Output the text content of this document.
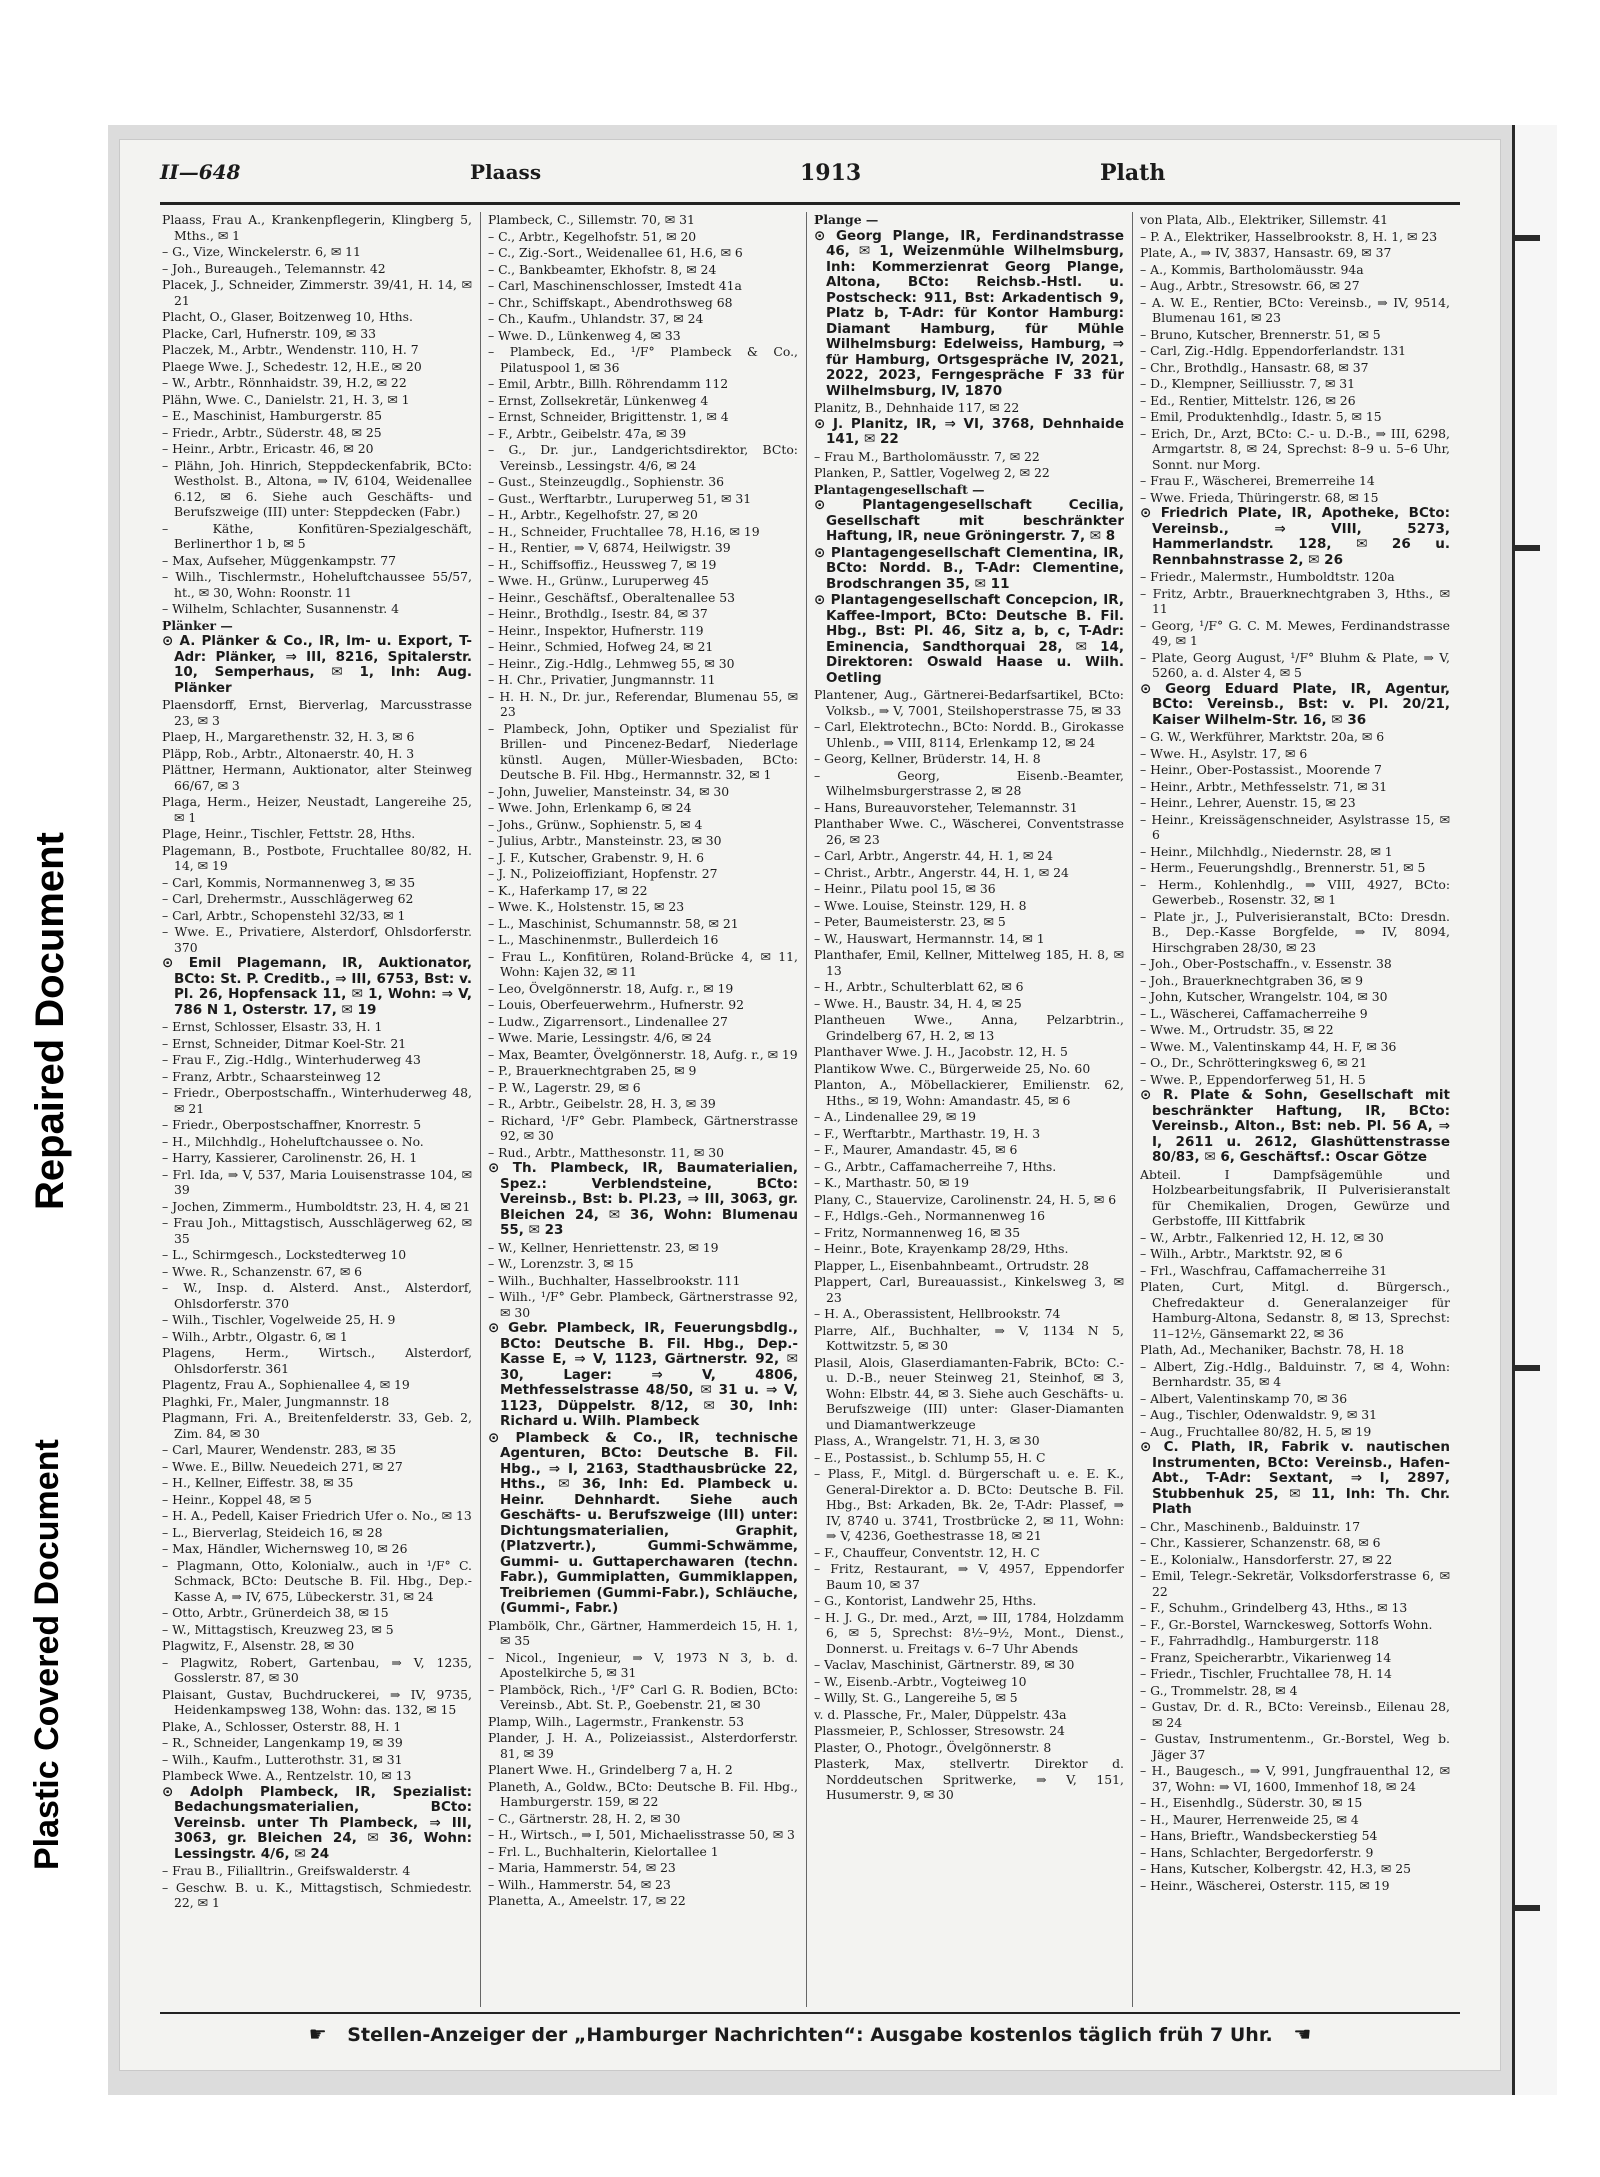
Repaired Document
Plastic Covered Document
II—648	Plaass	1913	Plath
Plaass, Frau A., Krankenpflegerin, Klingberg 5, Mths., ✉ 1
– G., Vize, Winckelerstr. 6, ✉ 11
– Joh., Bureaugeh., Telemannstr. 42
Placek, J., Schneider, Zimmerstr. 39/41, H. 14, ✉ 21
Placht, O., Glaser, Boitzenweg 10, Hths.
Placke, Carl, Hufnerstr. 109, ✉ 33
Placzek, M., Arbtr., Wendenstr. 110, H. 7
Plaege Wwe. J., Schedestr. 12, H.E., ✉ 20
– W., Arbtr., Rönnhaidstr. 39, H.2, ✉ 22
Plähn, Wwe. C., Danielstr. 21, H. 3, ✉ 1
– E., Maschinist, Hamburgerstr. 85
– Friedr., Arbtr., Süderstr. 48, ✉ 25
– Heinr., Arbtr., Ericastr. 46, ✉ 20
– Plähn, Joh. Hinrich, Steppdeckenfabrik, BCto: Westholst. B., Altona, ⇒ IV, 6104, Weidenallee 6.12, ✉ 6. Siehe auch Geschäfts- und Berufszweige (III) unter: Steppdecken (Fabr.)
– Käthe, Konfitüren-Spezialgeschäft, Berlinerthor 1 b, ✉ 5
– Max, Aufseher, Müggenkampstr. 77
– Wilh., Tischlermstr., Hoheluftchaussee 55/57, ht., ✉ 30, Wohn: Roonstr. 11
– Wilhelm, Schlachter, Susannenstr. 4
Plänker —
⊙ A. Plänker & Co., IR, Im- u. Export, T-Adr: Plänker, ⇒ III, 8216, Spitalerstr. 10, Semperhaus, ✉ 1, Inh: Aug. Plänker
Plaensdorff, Ernst, Bierverlag, Marcusstrasse 23, ✉ 3
Plaep, H., Margarethenstr. 32, H. 3, ✉ 6
Pläpp, Rob., Arbtr., Altonaerstr. 40, H. 3
Plättner, Hermann, Auktionator, alter Steinweg 66/67, ✉ 3
Plaga, Herm., Heizer, Neustadt, Langereihe 25, ✉ 1
Plage, Heinr., Tischler, Fettstr. 28, Hths.
Plagemann, B., Postbote, Fruchtallee 80/82, H. 14, ✉ 19
– Carl, Kommis, Normannenweg 3, ✉ 35
– Carl, Drehermstr., Ausschlägerweg 62
– Carl, Arbtr., Schopenstehl 32/33, ✉ 1
– Wwe. E., Privatiere, Alsterdorf, Ohlsdorferstr. 370
⊙ Emil Plagemann, IR, Auktionator, BCto: St. P. Creditb., ⇒ III, 6753, Bst: v. Pl. 26, Hopfensack 11, ✉ 1, Wohn: ⇒ V, 786 N 1, Osterstr. 17, ✉ 19
– Ernst, Schlosser, Elsastr. 33, H. 1
– Ernst, Schneider, Ditmar Koel-Str. 21
– Frau F., Zig.-Hdlg., Winterhuderweg 43
– Franz, Arbtr., Schaarsteinweg 12
– Friedr., Oberpostschaffn., Winterhuderweg 48, ✉ 21
– Friedr., Oberpostschaffner, Knorrestr. 5
– H., Milchhdlg., Hoheluftchaussee o. No.
– Harry, Kassierer, Carolinenstr. 26, H. 1
– Frl. Ida, ⇒ V, 537, Maria Louisenstrasse 104, ✉ 39
– Jochen, Zimmerm., Humboldtstr. 23, H. 4, ✉ 21
– Frau Joh., Mittagstisch, Ausschlägerweg 62, ✉ 35
– L., Schirmgesch., Lockstedterweg 10
– Wwe. R., Schanzenstr. 67, ✉ 6
– W., Insp. d. Alsterd. Anst., Alsterdorf, Ohlsdorferstr. 370
– Wilh., Tischler, Vogelweide 25, H. 9
– Wilh., Arbtr., Olgastr. 6, ✉ 1
Plagens, Herm., Wirtsch., Alsterdorf, Ohlsdorferstr. 361
Plagentz, Frau A., Sophienallee 4, ✉ 19
Plaghki, Fr., Maler, Jungmannstr. 18
Plagmann, Fri. A., Breitenfelderstr. 33, Geb. 2, Zim. 84, ✉ 30
– Carl, Maurer, Wendenstr. 283, ✉ 35
– Wwe. E., Billw. Neuedeich 271, ✉ 27
– H., Kellner, Eiffestr. 38, ✉ 35
– Heinr., Koppel 48, ✉ 5
– H. A., Pedell, Kaiser Friedrich Ufer o. No., ✉ 13
– L., Bierverlag, Steideich 16, ✉ 28
– Max, Händler, Wichernsweg 10, ✉ 26
– Plagmann, Otto, Kolonialw., auch in ¹/F° C. Schmack, BCto: Deutsche B. Fil. Hbg., Dep.-Kasse A, ⇒ IV, 675, Lübeckerstr. 31, ✉ 24
– Otto, Arbtr., Grünerdeich 38, ✉ 15
– W., Mittagstisch, Kreuzweg 23, ✉ 5
Plagwitz, F., Alsenstr. 28, ✉ 30
– Plagwitz, Robert, Gartenbau, ⇒ V, 1235, Gosslerstr. 87, ✉ 30
Plaisant, Gustav, Buchdruckerei, ⇒ IV, 9735, Heidenkampsweg 138, Wohn: das. 132, ✉ 15
Plake, A., Schlosser, Osterstr. 88, H. 1
– R., Schneider, Langenkamp 19, ✉ 39
– Wilh., Kaufm., Lutterothstr. 31, ✉ 31
Plambeck Wwe. A., Rentzelstr. 10, ✉ 13
⊙ Adolph Plambeck, IR, Spezialist: Bedachungsmaterialien, BCto: Vereinsb. unter Th Plambeck, ⇒ III, 3063, gr. Bleichen 24, ✉ 36, Wohn: Lessingstr. 4/6, ✉ 24
– Frau B., Filialltrin., Greifswalderstr. 4
– Geschw. B. u. K., Mittagstisch, Schmiedestr. 22, ✉ 1
Plambeck, C., Sillemstr. 70, ✉ 31
– C., Arbtr., Kegelhofstr. 51, ✉ 20
– C., Zig.-Sort., Weidenallee 61, H.6, ✉ 6
– C., Bankbeamter, Ekhofstr. 8, ✉ 24
– Carl, Maschinenschlosser, Imstedt 41a
– Chr., Schiffskapt., Abendrothsweg 68
– Ch., Kaufm., Uhlandstr. 37, ✉ 24
– Wwe. D., Lünkenweg 4, ✉ 33
– Plambeck, Ed., ¹/F° Plambeck & Co., Pilatuspool 1, ✉ 36
– Emil, Arbtr., Billh. Röhrendamm 112
– Ernst, Zollsekretär, Lünkenweg 4
– Ernst, Schneider, Brigittenstr. 1, ✉ 4
– F., Arbtr., Geibelstr. 47a, ✉ 39
– G., Dr. jur., Landgerichtsdirektor, BCto: Vereinsb., Lessingstr. 4/6, ✉ 24
– Gust., Steinzeugdlg., Sophienstr. 36
– Gust., Werftarbtr., Luruperweg 51, ✉ 31
– H., Arbtr., Kegelhofstr. 27, ✉ 20
– H., Schneider, Fruchtallee 78, H.16, ✉ 19
– H., Rentier, ⇒ V, 6874, Heilwigstr. 39
– H., Schiffsoffiz., Heussweg 7, ✉ 19
– Wwe. H., Grünw., Luruperweg 45
– Heinr., Geschäftsf., Oberaltenallee 53
– Heinr., Brothdlg., Isestr. 84, ✉ 37
– Heinr., Inspektor, Hufnerstr. 119
– Heinr., Schmied, Hofweg 24, ✉ 21
– Heinr., Zig.-Hdlg., Lehmweg 55, ✉ 30
– H. Chr., Privatier, Jungmannstr. 11
– H. H. N., Dr. jur., Referendar, Blumenau 55, ✉ 23
– Plambeck, John, Optiker und Spezialist für Brillen- und Pincenez-Bedarf, Niederlage künstl. Augen, Müller-Wiesbaden, BCto: Deutsche B. Fil. Hbg., Hermannstr. 32, ✉ 1
– John, Juwelier, Mansteinstr. 34, ✉ 30
– Wwe. John, Erlenkamp 6, ✉ 24
– Johs., Grünw., Sophienstr. 5, ✉ 4
– Julius, Arbtr., Mansteinstr. 23, ✉ 30
– J. F., Kutscher, Grabenstr. 9, H. 6
– J. N., Polizeioffiziant, Hopfenstr. 27
– K., Haferkamp 17, ✉ 22
– Wwe. K., Holstenstr. 15, ✉ 23
– L., Maschinist, Schumannstr. 58, ✉ 21
– L., Maschinenmstr., Bullerdeich 16
– Frau L., Konfitüren, Roland-Brücke 4, ✉ 11, Wohn: Kajen 32, ✉ 11
– Leo, Övelgönnerstr. 18, Aufg. r., ✉ 19
– Louis, Oberfeuerwehrm., Hufnerstr. 92
– Ludw., Zigarrensort., Lindenallee 27
– Wwe. Marie, Lessingstr. 4/6, ✉ 24
– Max, Beamter, Övelgönnerstr. 18, Aufg. r., ✉ 19
– P., Brauerknechtgraben 25, ✉ 9
– P. W., Lagerstr. 29, ✉ 6
– R., Arbtr., Geibelstr. 28, H. 3, ✉ 39
– Richard, ¹/F° Gebr. Plambeck, Gärtnerstrasse 92, ✉ 30
– Rud., Arbtr., Matthesonstr. 11, ✉ 30
⊙ Th. Plambeck, IR, Baumaterialien, Spez.: Verblendsteine, BCto: Vereinsb., Bst: b. Pl.23, ⇒ III, 3063, gr. Bleichen 24, ✉ 36, Wohn: Blumenau 55, ✉ 23
– W., Kellner, Henriettenstr. 23, ✉ 19
– W., Lorenzstr. 3, ✉ 15
– Wilh., Buchhalter, Hasselbrookstr. 111
– Wilh., ¹/F° Gebr. Plambeck, Gärtnerstrasse 92, ✉ 30
⊙ Gebr. Plambeck, IR, Feuerungsbdlg., BCto: Deutsche B. Fil. Hbg., Dep.-Kasse E, ⇒ V, 1123, Gärtnerstr. 92, ✉ 30, Lager: ⇒ V, 4806, Methfesselstrasse 48/50, ✉ 31 u. ⇒ V, 1123, Düppelstr. 8/12, ✉ 30, Inh: Richard u. Wilh. Plambeck
⊙ Plambeck & Co., IR, technische Agenturen, BCto: Deutsche B. Fil. Hbg., ⇒ I, 2163, Stadthausbrücke 22, Hths., ✉ 36, Inh: Ed. Plambeck u. Heinr. Dehnhardt. Siehe auch Geschäfts- u. Berufszweige (III) unter: Dichtungsmaterialien, Graphit, (Platzvertr.), Gummi-Schwämme, Gummi- u. Guttaperchawaren (techn. Fabr.), Gummiplatten, Gummiklappen, Treibriemen (Gummi-Fabr.), Schläuche, (Gummi-, Fabr.)
Plambölk, Chr., Gärtner, Hammerdeich 15, H. 1, ✉ 35
– Nicol., Ingenieur, ⇒ V, 1973 N 3, b. d. Apostelkirche 5, ✉ 31
– Plamböck, Rich., ¹/F° Carl G. R. Bodien, BCto: Vereinsb., Abt. St. P., Goebenstr. 21, ✉ 30
Plamp, Wilh., Lagermstr., Frankenstr. 53
Plander, J. H. A., Polizeiassist., Alsterdorferstr. 81, ✉ 39
Planert Wwe. H., Grindelberg 7 a, H. 2
Planeth, A., Goldw., BCto: Deutsche B. Fil. Hbg., Hamburgerstr. 159, ✉ 22
– C., Gärtnerstr. 28, H. 2, ✉ 30
– H., Wirtsch., ⇒ I, 501, Michaelisstrasse 50, ✉ 3
– Frl. L., Buchhalterin, Kielortallee 1
– Maria, Hammerstr. 54, ✉ 23
– Wilh., Hammerstr. 54, ✉ 23
Planetta, A., Ameelstr. 17, ✉ 22
Plange —
⊙ Georg Plange, IR, Ferdinandstrasse 46, ✉ 1, Weizenmühle Wilhelmsburg, Inh: Kommerzienrat Georg Plange, Altona, BCto: Reichsb.-Hstl. u. Postscheck: 911, Bst: Arkadentisch 9, Platz b, T-Adr: für Kontor Hamburg: Diamant Hamburg, für Mühle Wilhelmsburg: Edelweiss, Hamburg, ⇒ für Hamburg, Ortsgespräche IV, 2021, 2022, 2023, Ferngespräche F 33 für Wilhelmsburg, IV, 1870
Planitz, B., Dehnhaide 117, ✉ 22
⊙ J. Planitz, IR, ⇒ VI, 3768, Dehnhaide 141, ✉ 22
– Frau M., Bartholomäusstr. 7, ✉ 22
Planken, P., Sattler, Vogelweg 2, ✉ 22
Plantagengesellschaft —
⊙ Plantagengesellschaft Cecilia, Gesellschaft mit beschränkter Haftung, IR, neue Gröningerstr. 7, ✉ 8
⊙ Plantagengesellschaft Clementina, IR, BCto: Nordd. B., T-Adr: Clementine, Brodschrangen 35, ✉ 11
⊙ Plantagengesellschaft Concepcion, IR, Kaffee-Import, BCto: Deutsche B. Fil. Hbg., Bst: Pl. 46, Sitz a, b, c, T-Adr: Eminencia, Sandthorquai 28, ✉ 14, Direktoren: Oswald Haase u. Wilh. Oetling
Plantener, Aug., Gärtnerei-Bedarfsartikel, BCto: Volksb., ⇒ V, 7001, Steilshoperstrasse 75, ✉ 33
– Carl, Elektrotechn., BCto: Nordd. B., Girokasse Uhlenb., ⇒ VIII, 8114, Erlenkamp 12, ✉ 24
– Georg, Kellner, Brüderstr. 14, H. 8
– Georg, Eisenb.-Beamter, Wilhelmsburgerstrasse 2, ✉ 28
– Hans, Bureauvorsteher, Telemannstr. 31
Planthaber Wwe. C., Wäscherei, Conventstrasse 26, ✉ 23
– Carl, Arbtr., Angerstr. 44, H. 1, ✉ 24
– Christ., Arbtr., Angerstr. 44, H. 1, ✉ 24
– Heinr., Pilatu pool 15, ✉ 36
– Wwe. Louise, Steinstr. 129, H. 8
– Peter, Baumeisterstr. 23, ✉ 5
– W., Hauswart, Hermannstr. 14, ✉ 1
Planthafer, Emil, Kellner, Mittelweg 185, H. 8, ✉ 13
– H., Arbtr., Schulterblatt 62, ✉ 6
– Wwe. H., Baustr. 34, H. 4, ✉ 25
Plantheuen Wwe., Anna, Pelzarbtrin., Grindelberg 67, H. 2, ✉ 13
Planthaver Wwe. J. H., Jacobstr. 12, H. 5
Plantikow Wwe. C., Bürgerweide 25, No. 60
Planton, A., Möbellackierer, Emilienstr. 62, Hths., ✉ 19, Wohn: Amandastr. 45, ✉ 6
– A., Lindenallee 29, ✉ 19
– F., Werftarbtr., Marthastr. 19, H. 3
– F., Maurer, Amandastr. 45, ✉ 6
– G., Arbtr., Caffamacherreihe 7, Hths.
– K., Marthastr. 50, ✉ 19
Plany, C., Stauervize, Carolinenstr. 24, H. 5, ✉ 6
– F., Hdlgs.-Geh., Normannenweg 16
– Fritz, Normannenweg 16, ✉ 35
– Heinr., Bote, Krayenkamp 28/29, Hths.
Plapper, L., Eisenbahnbeamt., Ortrudstr. 28
Plappert, Carl, Bureauassist., Kinkelsweg 3, ✉ 23
– H. A., Oberassistent, Hellbrookstr. 74
Plarre, Alf., Buchhalter, ⇒ V, 1134 N 5, Kottwitzstr. 5, ✉ 30
Plasil, Alois, Glaserdiamanten-Fabrik, BCto: C.- u. D.-B., neuer Steinweg 21, Steinhof, ✉ 3, Wohn: Elbstr. 44, ✉ 3. Siehe auch Geschäfts- u. Berufszweige (III) unter: Glaser-Diamanten und Diamantwerkzeuge
Plass, A., Wrangelstr. 71, H. 3, ✉ 30
– E., Postassist., b. Schlump 55, H. C
– Plass, F., Mitgl. d. Bürgerschaft u. e. E. K., General-Direktor a. D. BCto: Deutsche B. Fil. Hbg., Bst: Arkaden, Bk. 2e, T-Adr: Plassef, ⇒ IV, 8740 u. 3741, Trostbrücke 2, ✉ 11, Wohn: ⇒ V, 4236, Goethestrasse 18, ✉ 21
– F., Chauffeur, Conventstr. 12, H. C
– Fritz, Restaurant, ⇒ V, 4957, Eppendorfer Baum 10, ✉ 37
– G., Kontorist, Landwehr 25, Hths.
– H. J. G., Dr. med., Arzt, ⇒ III, 1784, Holzdamm 6, ✉ 5, Sprechst: 8½–9½, Mont., Dienst., Donnerst. u. Freitags v. 6–7 Uhr Abends
– Vaclav, Maschinist, Gärtnerstr. 89, ✉ 30
– W., Eisenb.-Arbtr., Vogteiweg 10
– Willy, St. G., Langereihe 5, ✉ 5
v. d. Plassche, Fr., Maler, Düppelstr. 43a
Plassmeier, P., Schlosser, Stresowstr. 24
Plaster, O., Photogr., Övelgönnerstr. 8
Plasterk, Max, stellvertr. Direktor d. Norddeutschen Spritwerke, ⇒ V, 151, Husumerstr. 9, ✉ 30
von Plata, Alb., Elektriker, Sillemstr. 41
– P. A., Elektriker, Hasselbrookstr. 8, H. 1, ✉ 23
Plate, A., ⇒ IV, 3837, Hansastr. 69, ✉ 37
– A., Kommis, Bartholomäusstr. 94a
– Aug., Arbtr., Stresowstr. 66, ✉ 27
– A. W. E., Rentier, BCto: Vereinsb., ⇒ IV, 9514, Blumenau 161, ✉ 23
– Bruno, Kutscher, Brennerstr. 51, ✉ 5
– Carl, Zig.-Hdlg. Eppendorferlandstr. 131
– Chr., Brothdlg., Hansastr. 68, ✉ 37
– D., Klempner, Seilliusstr. 7, ✉ 31
– Ed., Rentier, Mittelstr. 126, ✉ 26
– Emil, Produktenhdlg., Idastr. 5, ✉ 15
– Erich, Dr., Arzt, BCto: C.- u. D.-B., ⇒ III, 6298, Armgartstr. 8, ✉ 24, Sprechst: 8–9 u. 5–6 Uhr, Sonnt. nur Morg.
– Frau F., Wäscherei, Bremerreihe 14
– Wwe. Frieda, Thüringerstr. 68, ✉ 15
⊙ Friedrich Plate, IR, Apotheke, BCto: Vereinsb., ⇒ VIII, 5273, Hammerlandstr. 128, ✉ 26 u. Rennbahnstrasse 2, ✉ 26
– Friedr., Malermstr., Humboldtstr. 120a
– Fritz, Arbtr., Brauerknechtgraben 3, Hths., ✉ 11
– Georg, ¹/F° G. C. M. Mewes, Ferdinandstrasse 49, ✉ 1
– Plate, Georg August, ¹/F° Bluhm & Plate, ⇒ V, 5260, a. d. Alster 4, ✉ 5
⊙ Georg Eduard Plate, IR, Agentur, BCto: Vereinsb., Bst: v. Pl. 20/21, Kaiser Wilhelm-Str. 16, ✉ 36
– G. W., Werkführer, Marktstr. 20a, ✉ 6
– Wwe. H., Asylstr. 17, ✉ 6
– Heinr., Ober-Postassist., Moorende 7
– Heinr., Arbtr., Methfesselstr. 71, ✉ 31
– Heinr., Lehrer, Auenstr. 15, ✉ 23
– Heinr., Kreissägenschneider, Asylstrasse 15, ✉ 6
– Heinr., Milchhdlg., Niedernstr. 28, ✉ 1
– Herm., Feuerungshdlg., Brennerstr. 51, ✉ 5
– Herm., Kohlenhdlg., ⇒ VIII, 4927, BCto: Gewerbeb., Rosenstr. 32, ✉ 1
– Plate jr., J., Pulverisieranstalt, BCto: Dresdn. B., Dep.-Kasse Borgfelde, ⇒ IV, 8094, Hirschgraben 28/30, ✉ 23
– Joh., Ober-Postschaffn., v. Essenstr. 38
– Joh., Brauerknechtgraben 36, ✉ 9
– John, Kutscher, Wrangelstr. 104, ✉ 30
– L., Wäscherei, Caffamacherreihe 9
– Wwe. M., Ortrudstr. 35, ✉ 22
– Wwe. M., Valentinskamp 44, H. F, ✉ 36
– O., Dr., Schrötteringksweg 6, ✉ 21
– Wwe. P., Eppendorferweg 51, H. 5
⊙ R. Plate & Sohn, Gesellschaft mit beschränkter Haftung, IR, BCto: Vereinsb., Alton., Bst: neb. Pl. 56 A, ⇒ I, 2611 u. 2612, Glashüttenstrasse 80/83, ✉ 6, Geschäftsf.: Oscar Götze
Abteil. I Dampfsägemühle und Holzbearbeitungsfabrik, II Pulverisieranstalt für Chemikalien, Drogen, Gewürze und Gerbstoffe, III Kittfabrik
– W., Arbtr., Falkenried 12, H. 12, ✉ 30
– Wilh., Arbtr., Marktstr. 92, ✉ 6
– Frl., Waschfrau, Caffamacherreihe 31
Platen, Curt, Mitgl. d. Bürgersch., Chefredakteur d. Generalanzeiger für Hamburg-Altona, Sedanstr. 8, ✉ 13, Sprechst: 11–12½, Gänsemarkt 22, ✉ 36
Plath, Ad., Mechaniker, Bachstr. 78, H. 18
– Albert, Zig.-Hdlg., Balduinstr. 7, ✉ 4, Wohn: Bernhardstr. 35, ✉ 4
– Albert, Valentinskamp 70, ✉ 36
– Aug., Tischler, Odenwaldstr. 9, ✉ 31
– Aug., Fruchtallee 80/82, H. 5, ✉ 19
⊙ C. Plath, IR, Fabrik v. nautischen Instrumenten, BCto: Vereinsb., Hafen-Abt., T-Adr: Sextant, ⇒ I, 2897, Stubbenhuk 25, ✉ 11, Inh: Th. Chr. Plath
– Chr., Maschinenb., Balduinstr. 17
– Chr., Kassierer, Schanzenstr. 68, ✉ 6
– E., Kolonialw., Hansdorferstr. 27, ✉ 22
– Emil, Telegr.-Sekretär, Volksdorferstrasse 6, ✉ 22
– F., Schuhm., Grindelberg 43, Hths., ✉ 13
– F., Gr.-Borstel, Warnckesweg, Sottorfs Wohn.
– F., Fahrradhdlg., Hamburgerstr. 118
– Franz, Speicherarbtr., Vikarienweg 14
– Friedr., Tischler, Fruchtallee 78, H. 14
– G., Trommelstr. 28, ✉ 4
– Gustav, Dr. d. R., BCto: Vereinsb., Eilenau 28, ✉ 24
– Gustav, Instrumentenm., Gr.-Borstel, Weg b. Jäger 37
– H., Baugesch., ⇒ V, 991, Jungfrauenthal 12, ✉ 37, Wohn: ⇒ VI, 1600, Immenhof 18, ✉ 24
– H., Eisenhdlg., Süderstr. 30, ✉ 15
– H., Maurer, Herrenweide 25, ✉ 4
– Hans, Brieftr., Wandsbeckerstieg 54
– Hans, Schlachter, Bergedorferstr. 9
– Hans, Kutscher, Kolbergstr. 42, H.3, ✉ 25
– Heinr., Wäscherei, Osterstr. 115, ✉ 19
☛ Stellen-Anzeiger der „Hamburger Nachrichten“: Ausgabe kostenlos täglich früh 7 Uhr. ☚
